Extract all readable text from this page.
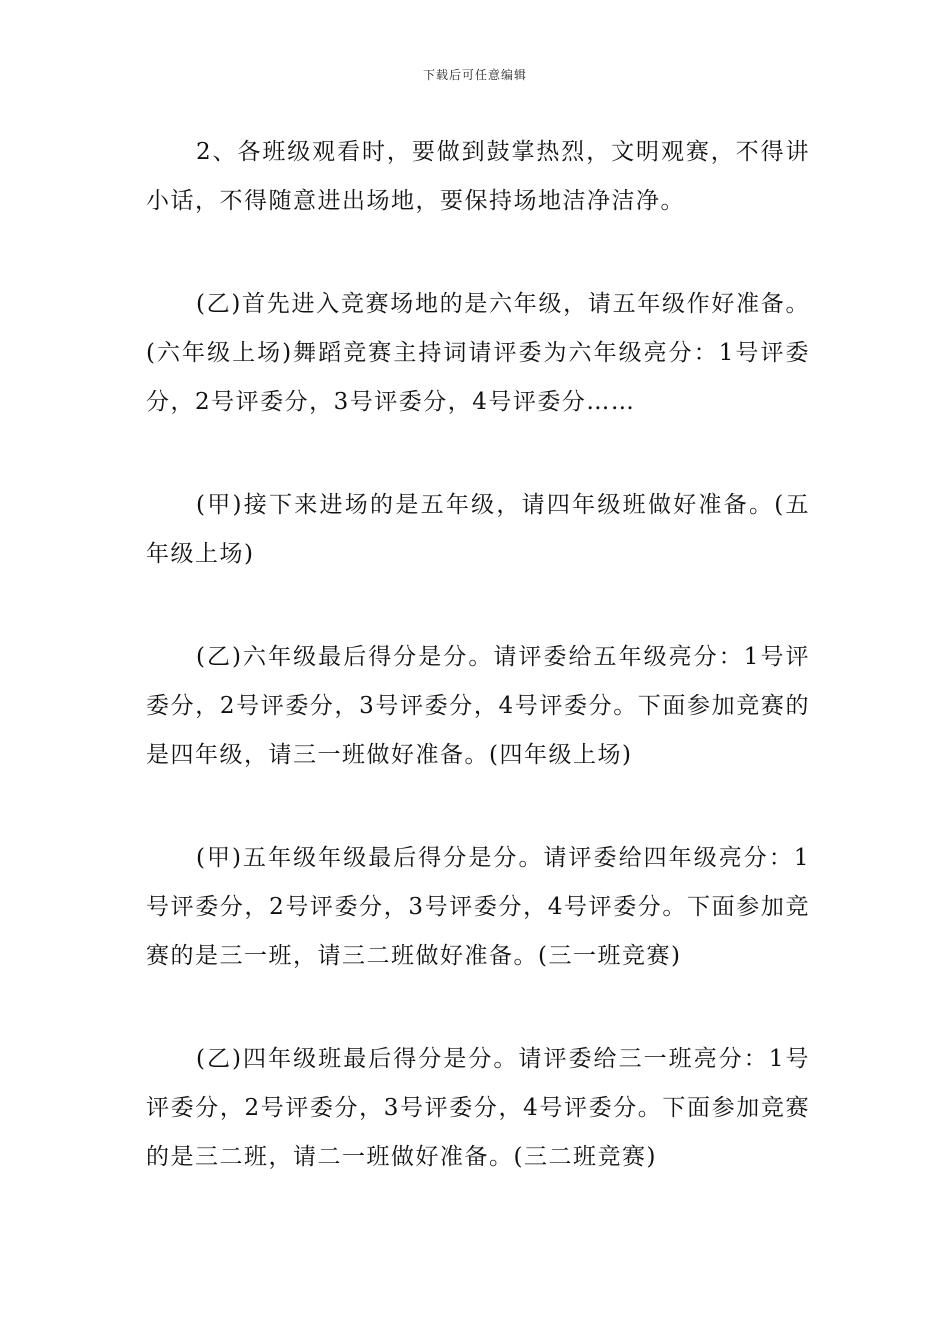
下载后可任意编辑

2、各班级观看时，要做到鼓掌热烈，文明观赛，不得讲小话，不得随意进出场地，要保持场地洁净洁净。

(乙)首先进入竞赛场地的是六年级，请五年级作好准备。(六年级上场)舞蹈竞赛主持词请评委为六年级亮分：1号评委分，2号评委分，3号评委分，4号评委分……

(甲)接下来进场的是五年级，请四年级班做好准备。(五年级上场)

(乙)六年级最后得分是分。请评委给五年级亮分：1号评委分，2号评委分，3号评委分，4号评委分。下面参加竞赛的是四年级，请三一班做好准备。(四年级上场)

(甲)五年级年级最后得分是分。请评委给四年级亮分：1号评委分，2号评委分，3号评委分，4号评委分。下面参加竞赛的是三一班，请三二班做好准备。(三一班竞赛)

(乙)四年级班最后得分是分。请评委给三一班亮分：1号评委分，2号评委分，3号评委分，4号评委分。下面参加竞赛的是三二班，请二一班做好准备。(三二班竞赛)
